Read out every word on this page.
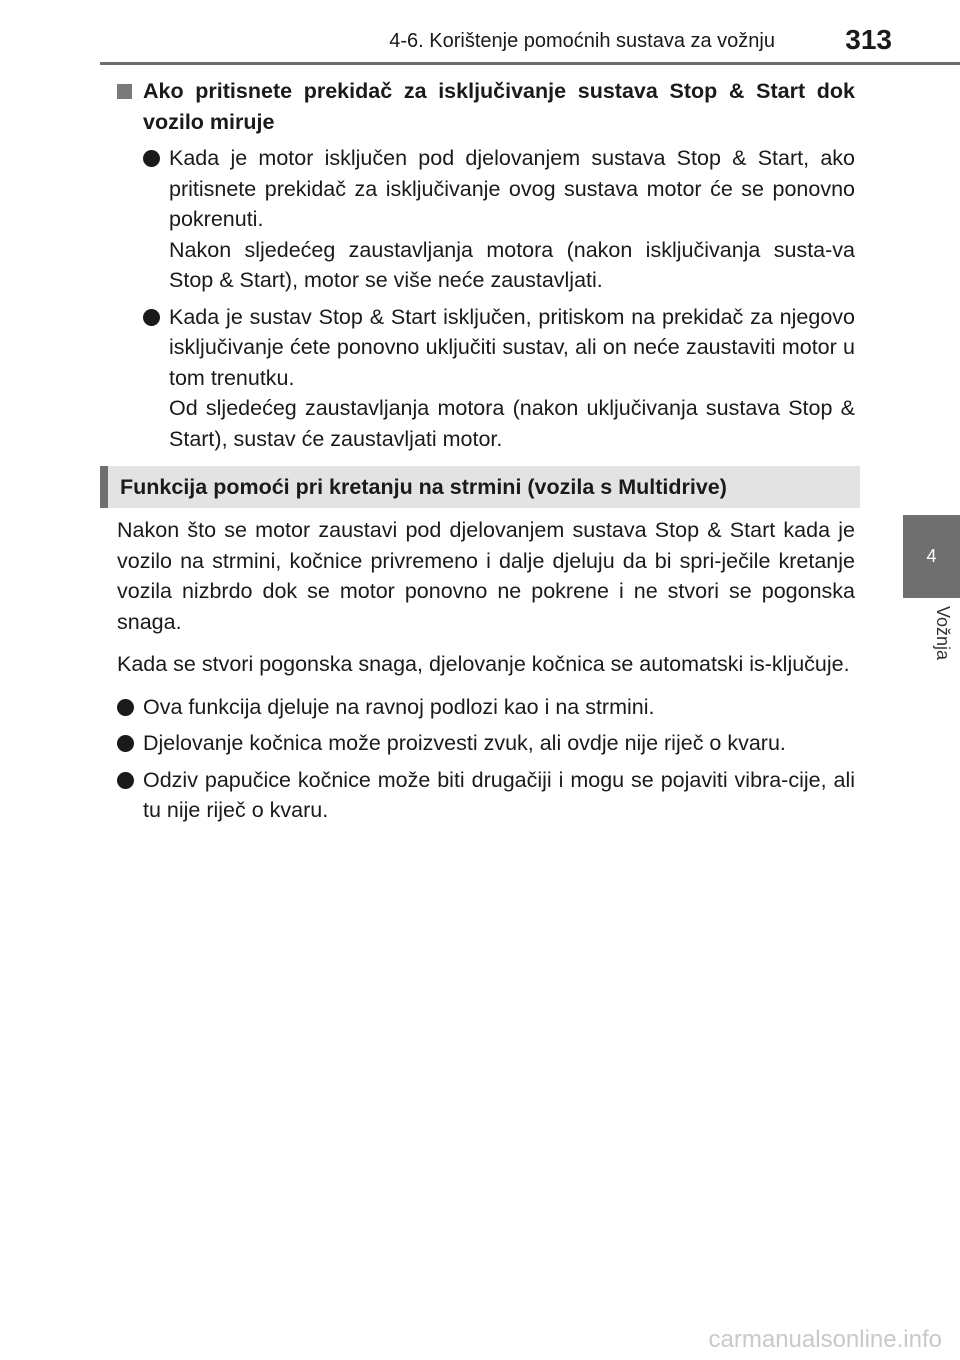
4-6. Korištenje pomoćnih sustava za vožnju	313
4
Vožnja
Ako pritisnete prekidač za isključivanje sustava Stop & Start dok vozilo miruje

Kada je motor isključen pod djelovanjem sustava Stop & Start, ako pritisnete prekidač za isključivanje ovog sustava motor će se ponovno pokrenuti.

Nakon sljedećeg zaustavljanja motora (nakon isključivanja susta-va Stop & Start), motor se više neće zaustavljati.

Kada je sustav Stop & Start isključen, pritiskom na prekidač za njegovo isključivanje ćete ponovno uključiti sustav, ali on neće zaustaviti motor u tom trenutku.

Od sljedećeg zaustavljanja motora (nakon uključivanja sustava Stop & Start), sustav će zaustavljati motor.

Funkcija pomoći pri kretanju na strmini (vozila s Multidrive)

Nakon što se motor zaustavi pod djelovanjem sustava Stop & Start kada je vozilo na strmini, kočnice privremeno i dalje djeluju da bi spri-ječile kretanje vozila nizbrdo dok se motor ponovno ne pokrene i ne stvori se pogonska snaga.

Kada se stvori pogonska snaga, djelovanje kočnica se automatski is-ključuje.

Ova funkcija djeluje na ravnoj podlozi kao i na strmini.

Djelovanje kočnica može proizvesti zvuk, ali ovdje nije riječ o kvaru.

Odziv papučice kočnice može biti drugačiji i mogu se pojaviti vibra-cije, ali tu nije riječ o kvaru.

carmanualsonline.info
